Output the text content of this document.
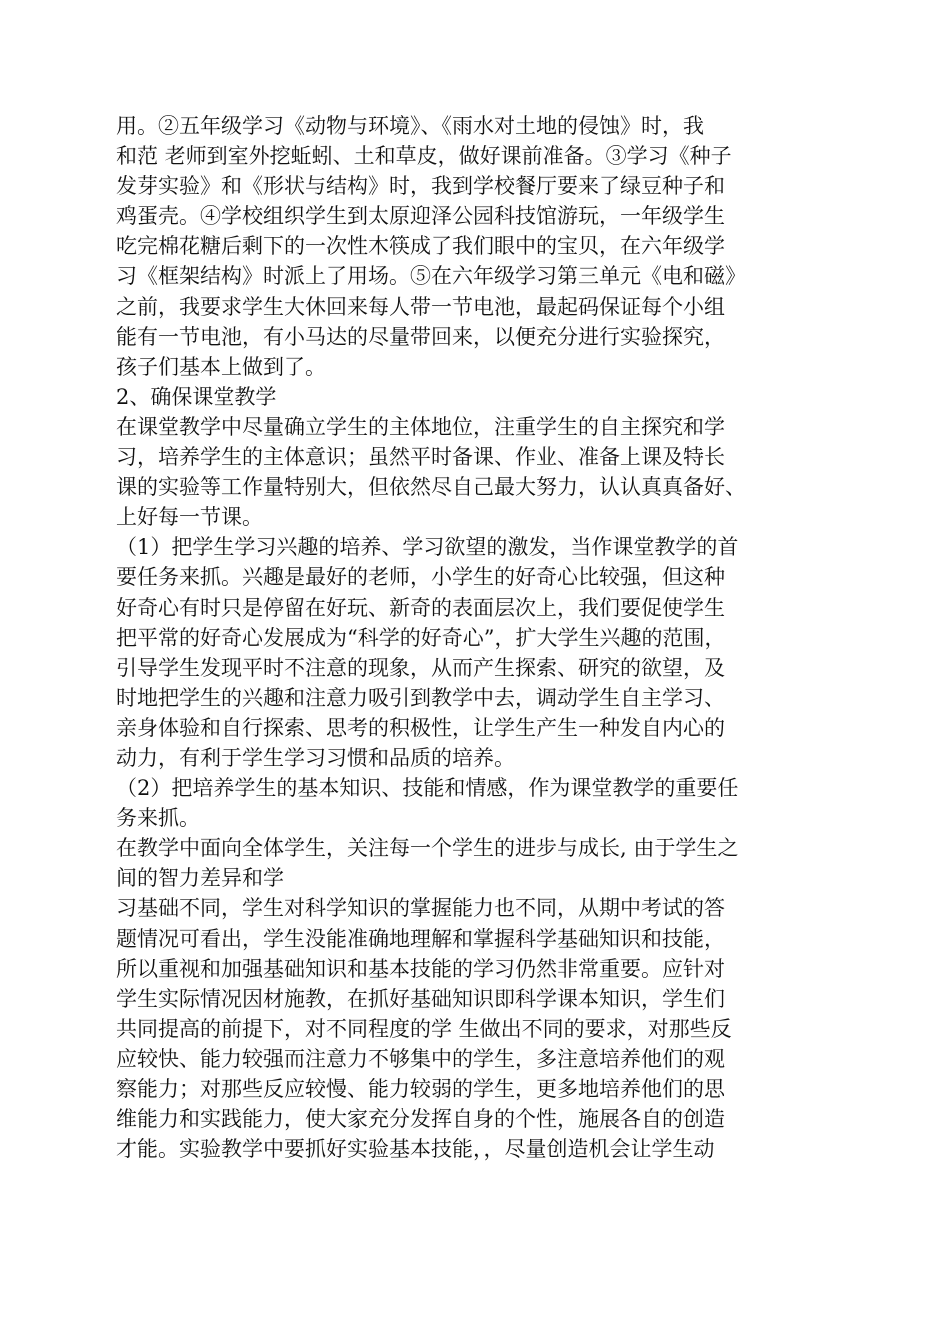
用。②五年级学习《动物与环境》、《雨水对土地的侵蚀》时，我
和范 老师到室外挖蚯蚓、土和草皮，做好课前准备。③学习《种子
发芽实验》和《形状与结构》时，我到学校餐厅要来了绿豆种子和
鸡蛋壳。④学校组织学生到太原迎泽公园科技馆游玩，一年级学生
吃完棉花糖后剩下的一次性木筷成了我们眼中的宝贝，在六年级学
习《框架结构》时派上了用场。⑤在六年级学习第三单元《电和磁》
之前，我要求学生大休回来每人带一节电池，最起码保证每个小组
能有一节电池，有小马达的尽量带回来，以便充分进行实验探究，
孩子们基本上做到了。
2、确保课堂教学
在课堂教学中尽量确立学生的主体地位，注重学生的自主探究和学
习，培养学生的主体意识；虽然平时备课、作业、准备上课及特长
课的实验等工作量特别大，但依然尽自己最大努力，认认真真备好、
上好每一节课。
（1）把学生学习兴趣的培养、学习欲望的激发，当作课堂教学的首
要任务来抓。兴趣是最好的老师，小学生的好奇心比较强，但这种
好奇心有时只是停留在好玩、新奇的表面层次上，我们要促使学生
把平常的好奇心发展成为“科学的好奇心”，扩大学生兴趣的范围，
引导学生发现平时不注意的现象，从而产生探索、研究的欲望，及
时地把学生的兴趣和注意力吸引到教学中去，调动学生自主学习、
亲身体验和自行探索、思考的积极性，让学生产生一种发自内心的
动力，有利于学生学习习惯和品质的培养。
（2）把培养学生的基本知识、技能和情感，作为课堂教学的重要任
务来抓。
在教学中面向全体学生，关注每一个学生的进步与成长, 由于学生之
间的智力差异和学
习基础不同，学生对科学知识的掌握能力也不同，从期中考试的答
题情况可看出，学生没能准确地理解和掌握科学基础知识和技能，
所以重视和加强基础知识和基本技能的学习仍然非常重要。应针对
学生实际情况因材施教，在抓好基础知识即科学课本知识，学生们
共同提高的前提下，对不同程度的学 生做出不同的要求，对那些反
应较快、能力较强而注意力不够集中的学生，多注意培养他们的观
察能力；对那些反应较慢、能力较弱的学生，更多地培养他们的思
维能力和实践能力，使大家充分发挥自身的个性，施展各自的创造
才能。实验教学中要抓好实验基本技能，，尽量创造机会让学生动
